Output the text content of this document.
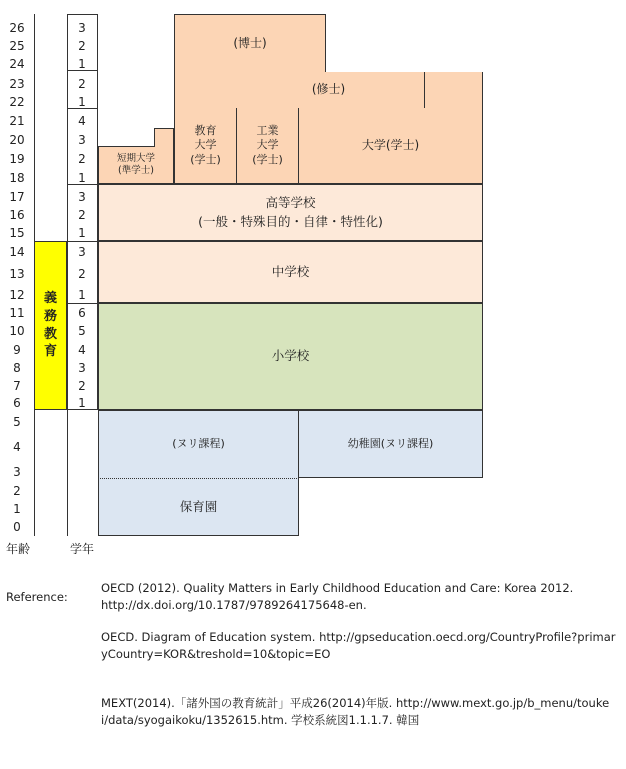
26
25
24
23
22
21
20
19
18
17
16
15
14
13
12
11
10
9
8
7
6
5
4
3
2
1
0
義
務
教
育
3
2
1
2
1
4
3
2
1
3
2
1
3
2
1
6
5
4
3
2
1
年齢	学年
(博士)
(修士)
短期大学
(準学士)
教育
大学
(学士)
工業
大学
(学士)
大学(学士)
高等学校
(一般・特殊目的・自律・特性化)
中学校
小学校
(ヌリ課程)
保育園
幼稚園(ヌリ課程)
Reference:
OECD (2012). Quality Matters in Early Childhood Education and Care: Korea 2012. http://dx.doi.org/10.1787/9789264175648-en.
OECD. Diagram of Education system. http://gpseducation.oecd.org/CountryProfile?primaryCountry=KOR&treshold=10&topic=EO
MEXT(2014).「諸外国の教育統計」平成26(2014)年版. http://www.mext.go.jp/b_menu/toukei/data/syogaikoku/1352615.htm. 学校系統図1.1.1.7. 韓国
